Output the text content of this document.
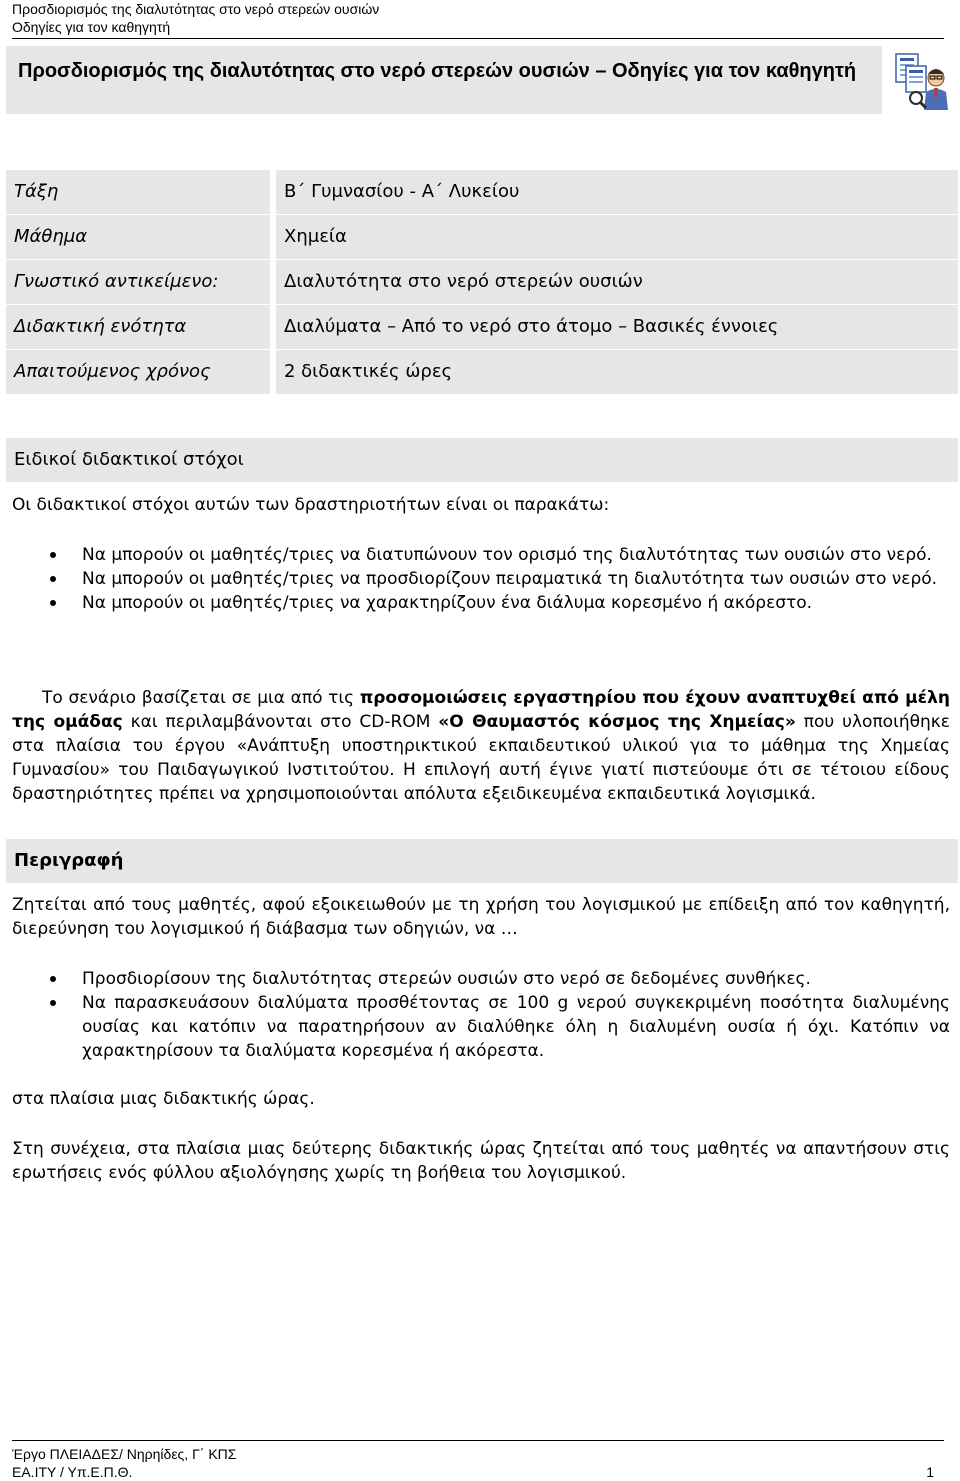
Προσδιορισμός της διαλυτότητας στο νερό στερεών ουσιών
Οδηγίες για τον καθηγητή
Προσδιορισμός της διαλυτότητας στο νερό στερεών ουσιών – Οδηγίες για τον καθηγητή
Τάξη	Β΄ Γυμνασίου - Α΄ Λυκείου
Μάθημα	Χημεία
Γνωστικό αντικείμενο:	Διαλυτότητα στο νερό στερεών ουσιών
Διδακτική ενότητα	Διαλύματα – Από το νερό στο άτομο – Βασικές έννοιες
Απαιτούμενος χρόνος	2 διδακτικές ώρες
Ειδικοί διδακτικοί στόχοι
Οι διδακτικοί στόχοι αυτών των δραστηριοτήτων είναι οι παρακάτω:
Να μπορούν οι μαθητές/τριες να διατυπώνουν τον ορισμό της διαλυτότητας των ουσιών στο νερό.
Να μπορούν οι μαθητές/τριες να προσδιορίζουν πειραματικά τη διαλυτότητα των ουσιών στο νερό.
Να μπορούν οι μαθητές/τριες να χαρακτηρίζουν ένα διάλυμα κορεσμένο ή ακόρεστο.
Το σενάριο βασίζεται σε μια από τις προσομοιώσεις εργαστηρίου που έχουν αναπτυχθεί από μέλη της ομάδας και περιλαμβάνονται στο CD-ROM «Ο Θαυμαστός κόσμος της Χημείας» που υλοποιήθηκε στα πλαίσια του έργου «Ανάπτυξη υποστηρικτικού εκπαιδευτικού υλικού για το μάθημα της Χημείας Γυμνασίου» του Παιδαγωγικού Ινστιτούτου. Η επιλογή αυτή έγινε γιατί πιστεύουμε ότι σε τέτοιου είδους δραστηριότητες πρέπει να χρησιμοποιούνται απόλυτα εξειδικευμένα εκπαιδευτικά λογισμικά.
Περιγραφή
Ζητείται από τους μαθητές, αφού εξοικειωθούν με τη χρήση του λογισμικού με επίδειξη από τον καθηγητή, διερεύνηση του λογισμικού ή διάβασμα των οδηγιών, να …
Προσδιορίσουν της διαλυτότητας στερεών ουσιών στο νερό σε δεδομένες συνθήκες.
Να παρασκευάσουν διαλύματα προσθέτοντας σε 100 g νερού συγκεκριμένη ποσότητα διαλυμένης ουσίας και κατόπιν να παρατηρήσουν αν διαλύθηκε όλη η διαλυμένη ουσία ή όχι. Κατόπιν να χαρακτηρίσουν τα διαλύματα κορεσμένα ή ακόρεστα.
στα πλαίσια μιας διδακτικής ώρας.
Στη συνέχεια, στα πλαίσια μιας δεύτερης διδακτικής ώρας ζητείται από τους μαθητές να απαντήσουν στις ερωτήσεις ενός φύλλου αξιολόγησης χωρίς τη βοήθεια του λογισμικού.
Έργο ΠΛΕΙΑΔΕΣ/ Νηρηίδες, Γ΄ ΚΠΣ
ΕΑ.ΙΤΥ / Υπ.Ε.Π.Θ.	1
